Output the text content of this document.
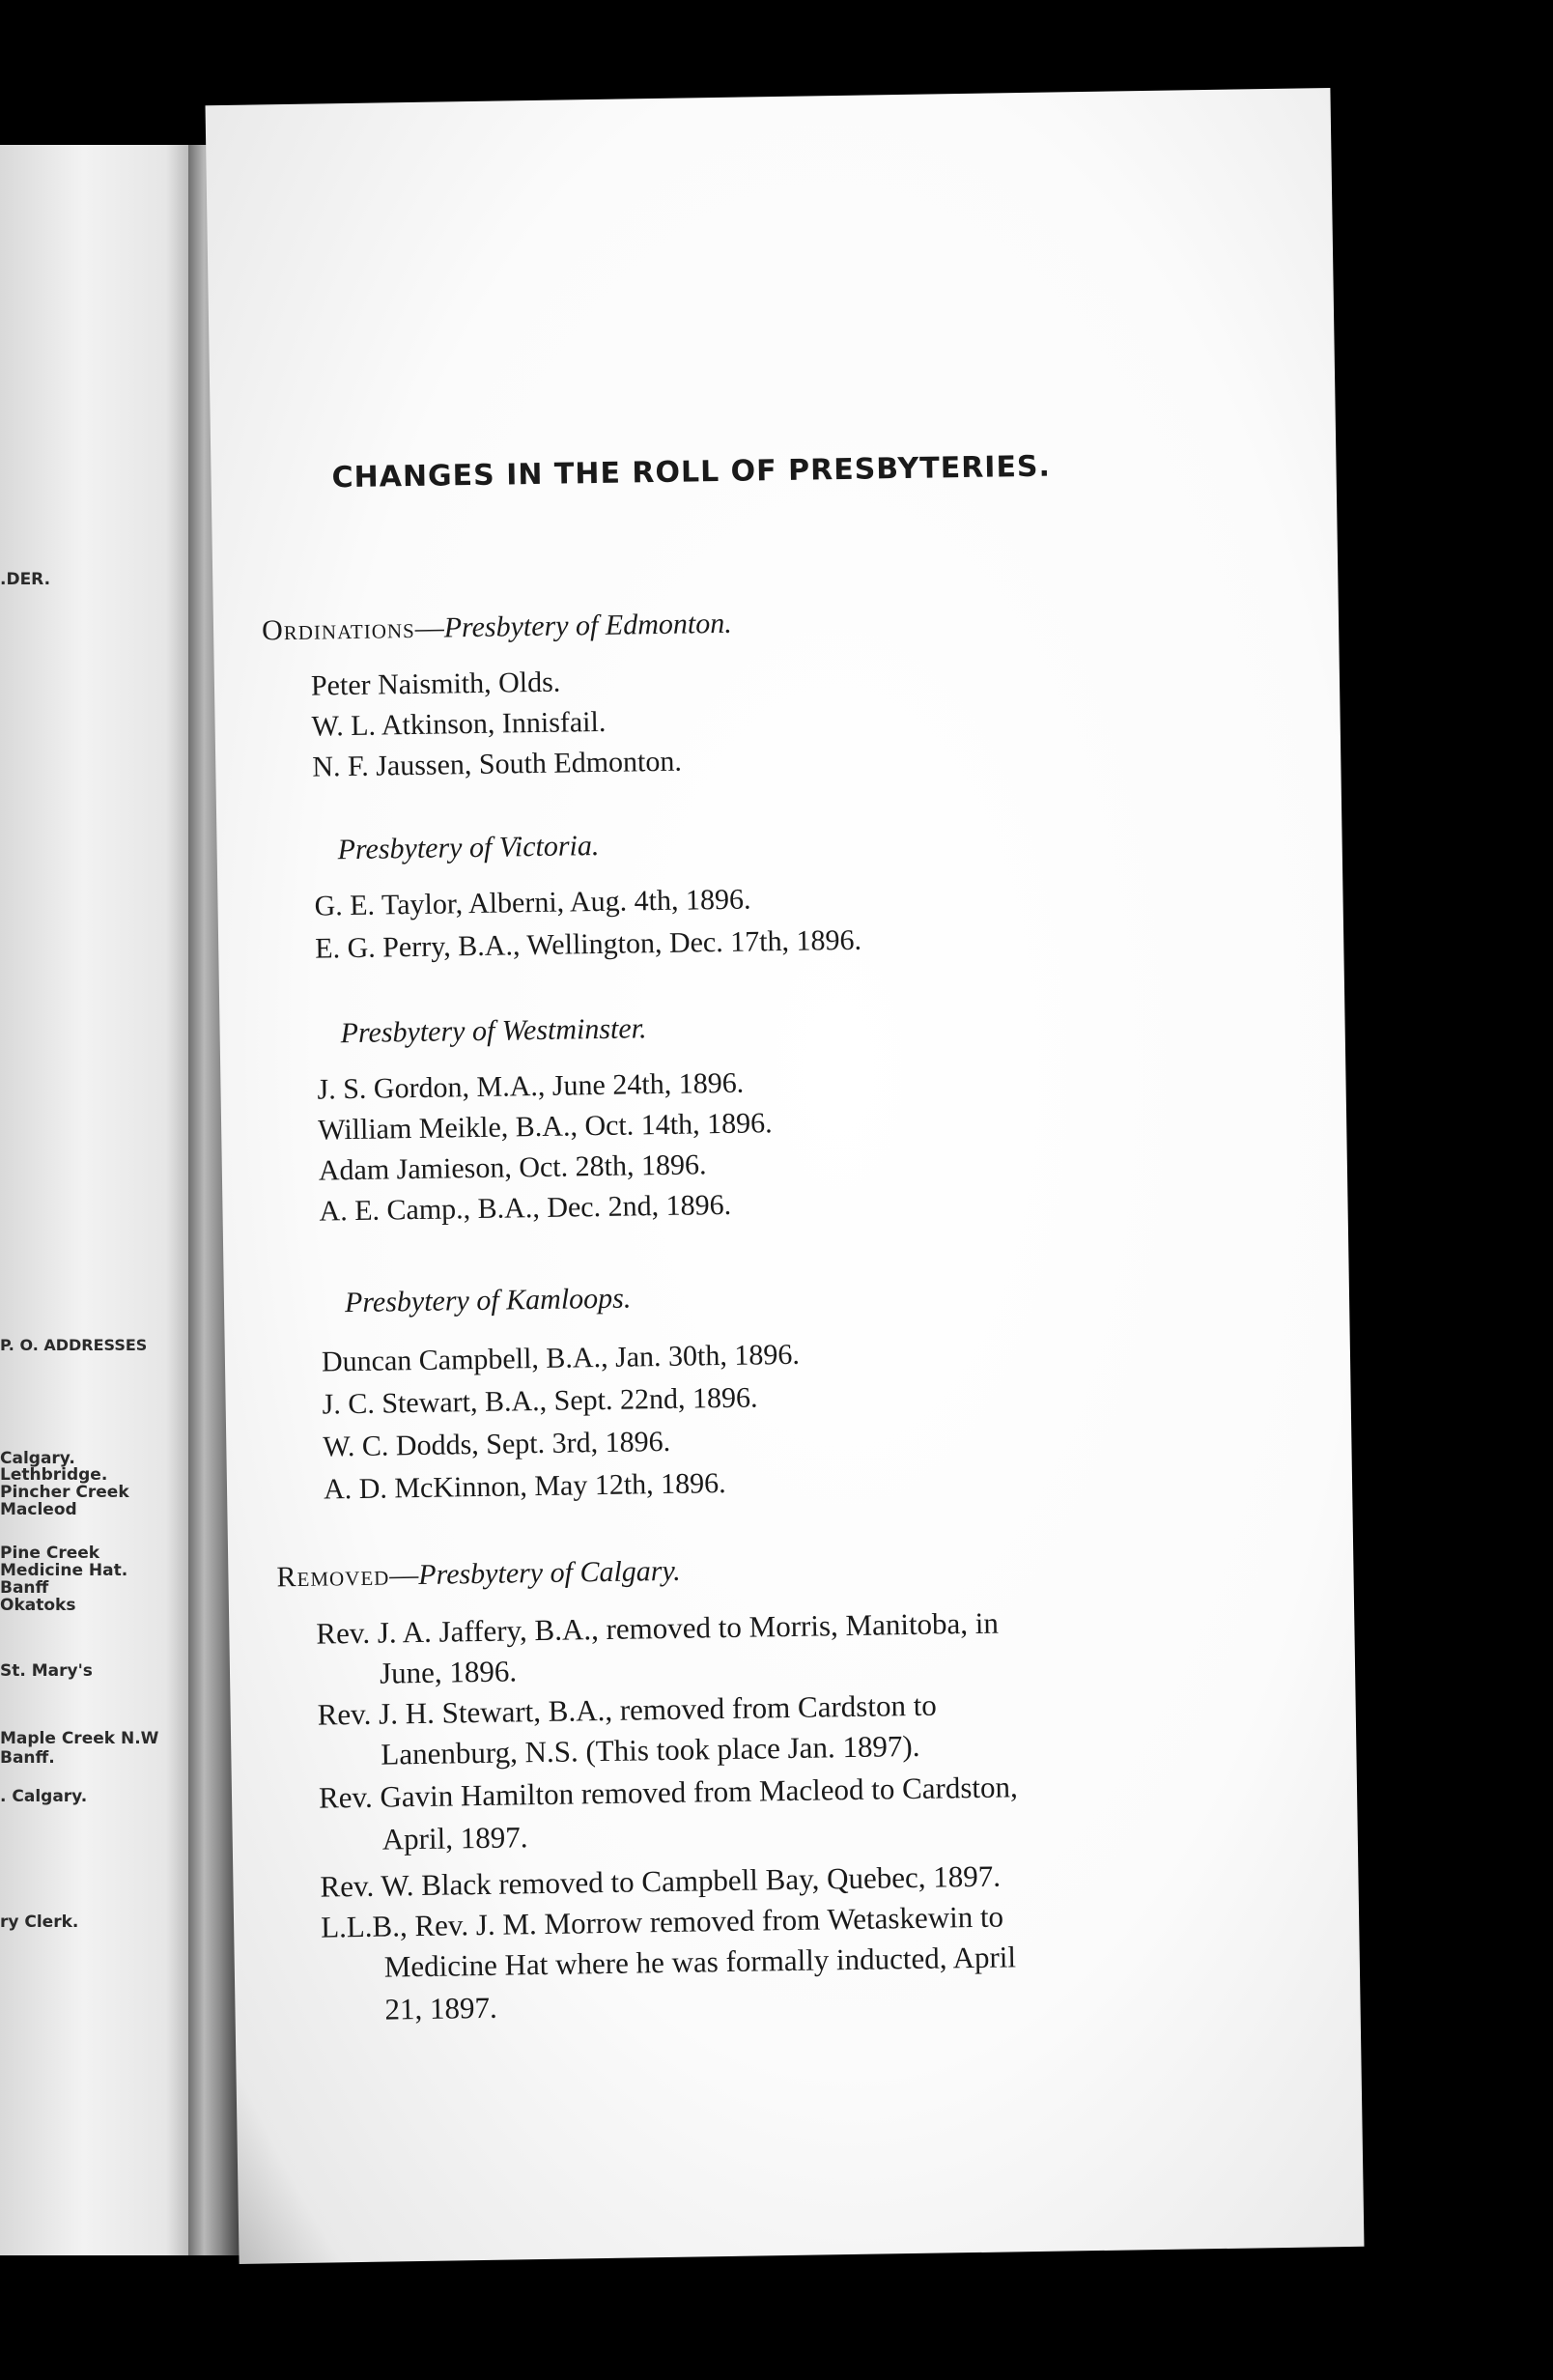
.DER.
P. O. ADDRESSES
Calgary.
Lethbridge.
Pincher Creek
Macleod
Pine Creek
Medicine Hat.
Banff
Okatoks
St. Mary's
Maple Creek N.W
Banff.
. Calgary.
ry Clerk.
CHANGES IN THE ROLL OF PRESBYTERIES.
Ordinations—Presbytery of Edmonton.
Peter Naismith, Olds.
W. L. Atkinson, Innisfail.
N. F. Jaussen, South Edmonton.
Presbytery of Victoria.
G. E. Taylor, Alberni, Aug. 4th, 1896.
E. G. Perry, B.A., Wellington, Dec. 17th, 1896.
Presbytery of Westminster.
J. S. Gordon, M.A., June 24th, 1896.
William Meikle, B.A., Oct. 14th, 1896.
Adam Jamieson, Oct. 28th, 1896.
A. E. Camp., B.A., Dec. 2nd, 1896.
Presbytery of Kamloops.
Duncan Campbell, B.A., Jan. 30th, 1896.
J. C. Stewart, B.A., Sept. 22nd, 1896.
W. C. Dodds, Sept. 3rd, 1896.
A. D. McKinnon, May 12th, 1896.
Removed—Presbytery of Calgary.
Rev. J. A. Jaffery, B.A., removed to Morris, Manitoba, in
June, 1896.
Rev. J. H. Stewart, B.A., removed from Cardston to
Lanenburg, N.S. (This took place Jan. 1897).
Rev. Gavin Hamilton removed from Macleod to Cardston,
April, 1897.
Rev. W. Black removed to Campbell Bay, Quebec, 1897.
L.L.B., Rev. J. M. Morrow removed from Wetaskewin to
Medicine Hat where he was formally inducted, April
21, 1897.
